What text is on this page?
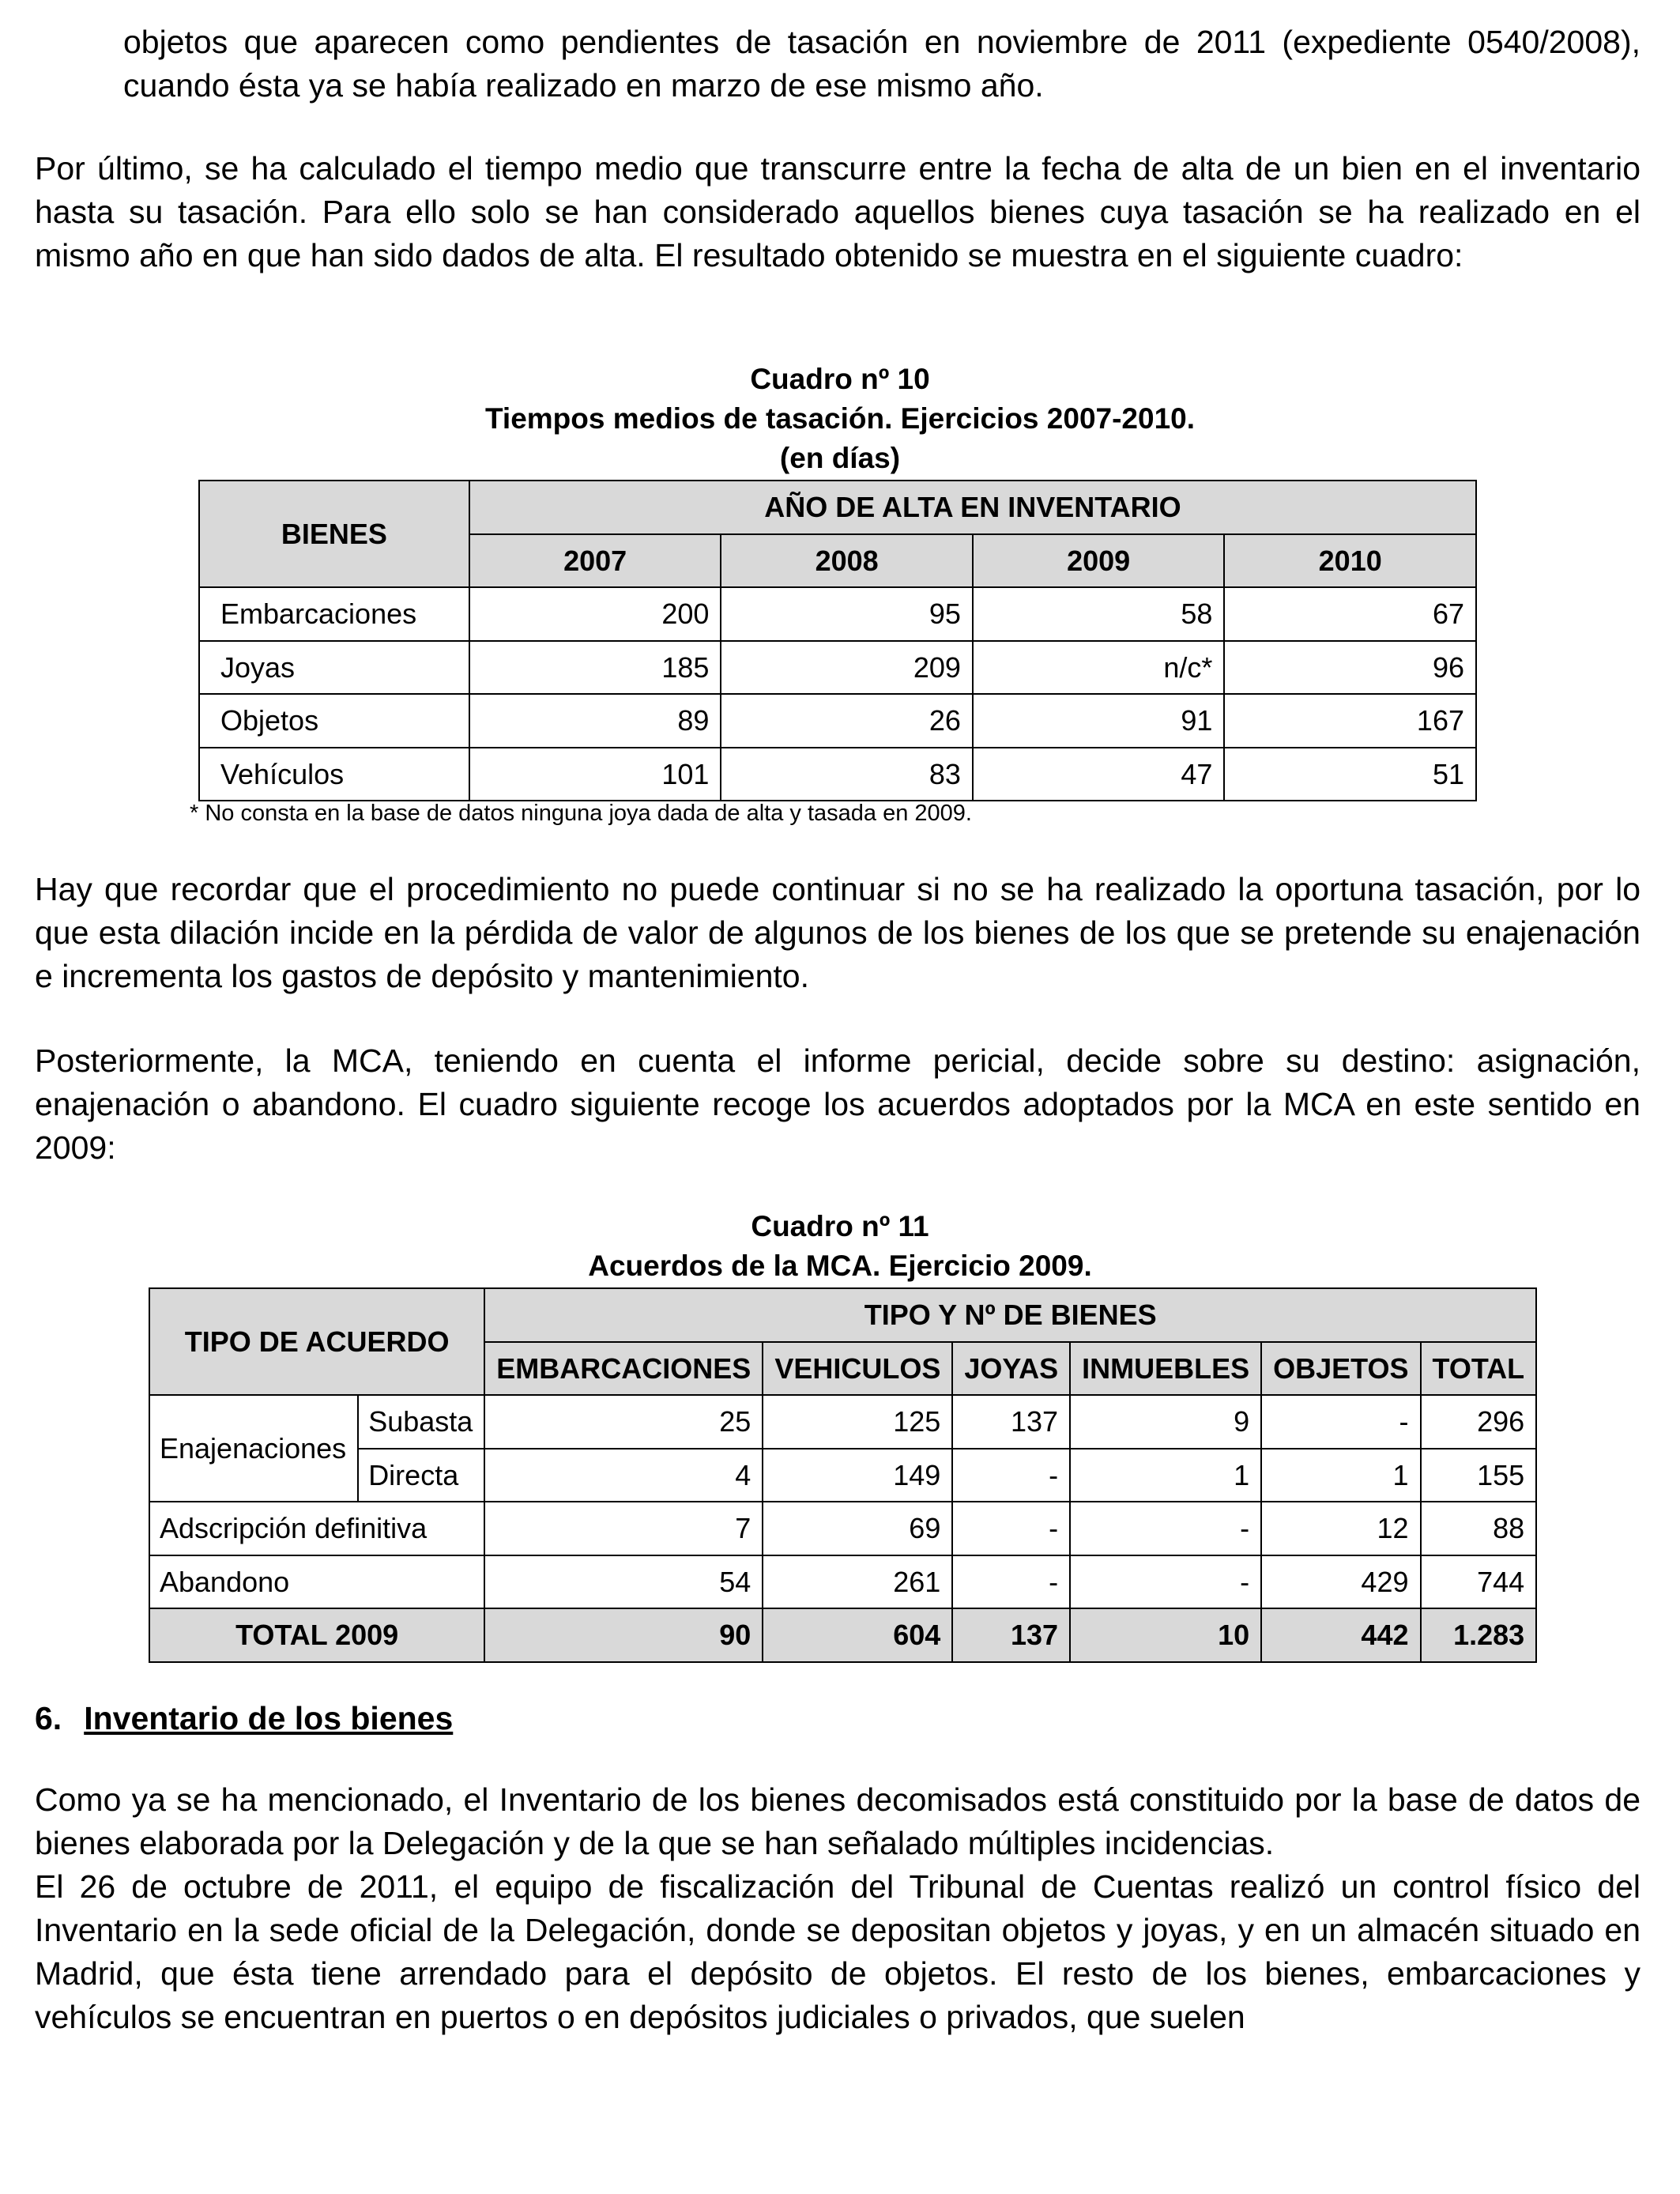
objetos que aparecen como pendientes de tasación en noviembre de 2011 (expediente 0540/2008), cuando ésta ya se había realizado en marzo de ese mismo año.

Por último, se ha calculado el tiempo medio que transcurre entre la fecha de alta de un bien en el inventario hasta su tasación. Para ello solo se han considerado aquellos bienes cuya tasación se ha realizado en el mismo año en que han sido dados de alta. El resultado obtenido se muestra en el siguiente cuadro:

Cuadro nº 10
Tiempos medios de tasación. Ejercicios 2007-2010.
(en días)
BIENES	AÑO DE ALTA EN INVENTARIO			
	2007	2008	2009	2010
Embarcaciones	200	95	58	67
Joyas	185	209	n/c*	96
Objetos	89	26	91	167
Vehículos	101	83	47	51

* No consta en la base de datos ninguna joya dada de alta y tasada en 2009.

Hay que recordar que el procedimiento no puede continuar si no se ha realizado la oportuna tasación, por lo que esta dilación incide en la pérdida de valor de algunos de los bienes de los que se pretende su enajenación e incrementa los gastos de depósito y mantenimiento.

Posteriormente, la MCA, teniendo en cuenta el informe pericial, decide sobre su destino: asignación, enajenación o abandono. El cuadro siguiente recoge los acuerdos adoptados por la MCA en este sentido en 2009:

Cuadro nº 11
Acuerdos de la MCA. Ejercicio 2009.
TIPO DE ACUERDO		TIPO Y Nº DE BIENES					
		EMBARCACIONES	VEHICULOS	JOYAS	INMUEBLES	OBJETOS	TOTAL
Enajenaciones	Subasta	25	125	137	9	-	296
	Directa	4	149	-	1	1	155
Adscripción definitiva		7	69	-	-	12	88
Abandono		54	261	-	-	429	744
TOTAL 2009		90	604	137	10	442	1.283

6. Inventario de los bienes

Como ya se ha mencionado, el Inventario de los bienes decomisados está constituido por la base de datos de bienes elaborada por la Delegación y de la que se han señalado múltiples incidencias.

El 26 de octubre de 2011, el equipo de fiscalización del Tribunal de Cuentas realizó un control físico del Inventario en la sede oficial de la Delegación, donde se depositan objetos y joyas, y en un almacén situado en Madrid, que ésta tiene arrendado para el depósito de objetos. El resto de los bienes, embarcaciones y vehículos se encuentran en puertos o en depósitos judiciales o privados, que suelen
